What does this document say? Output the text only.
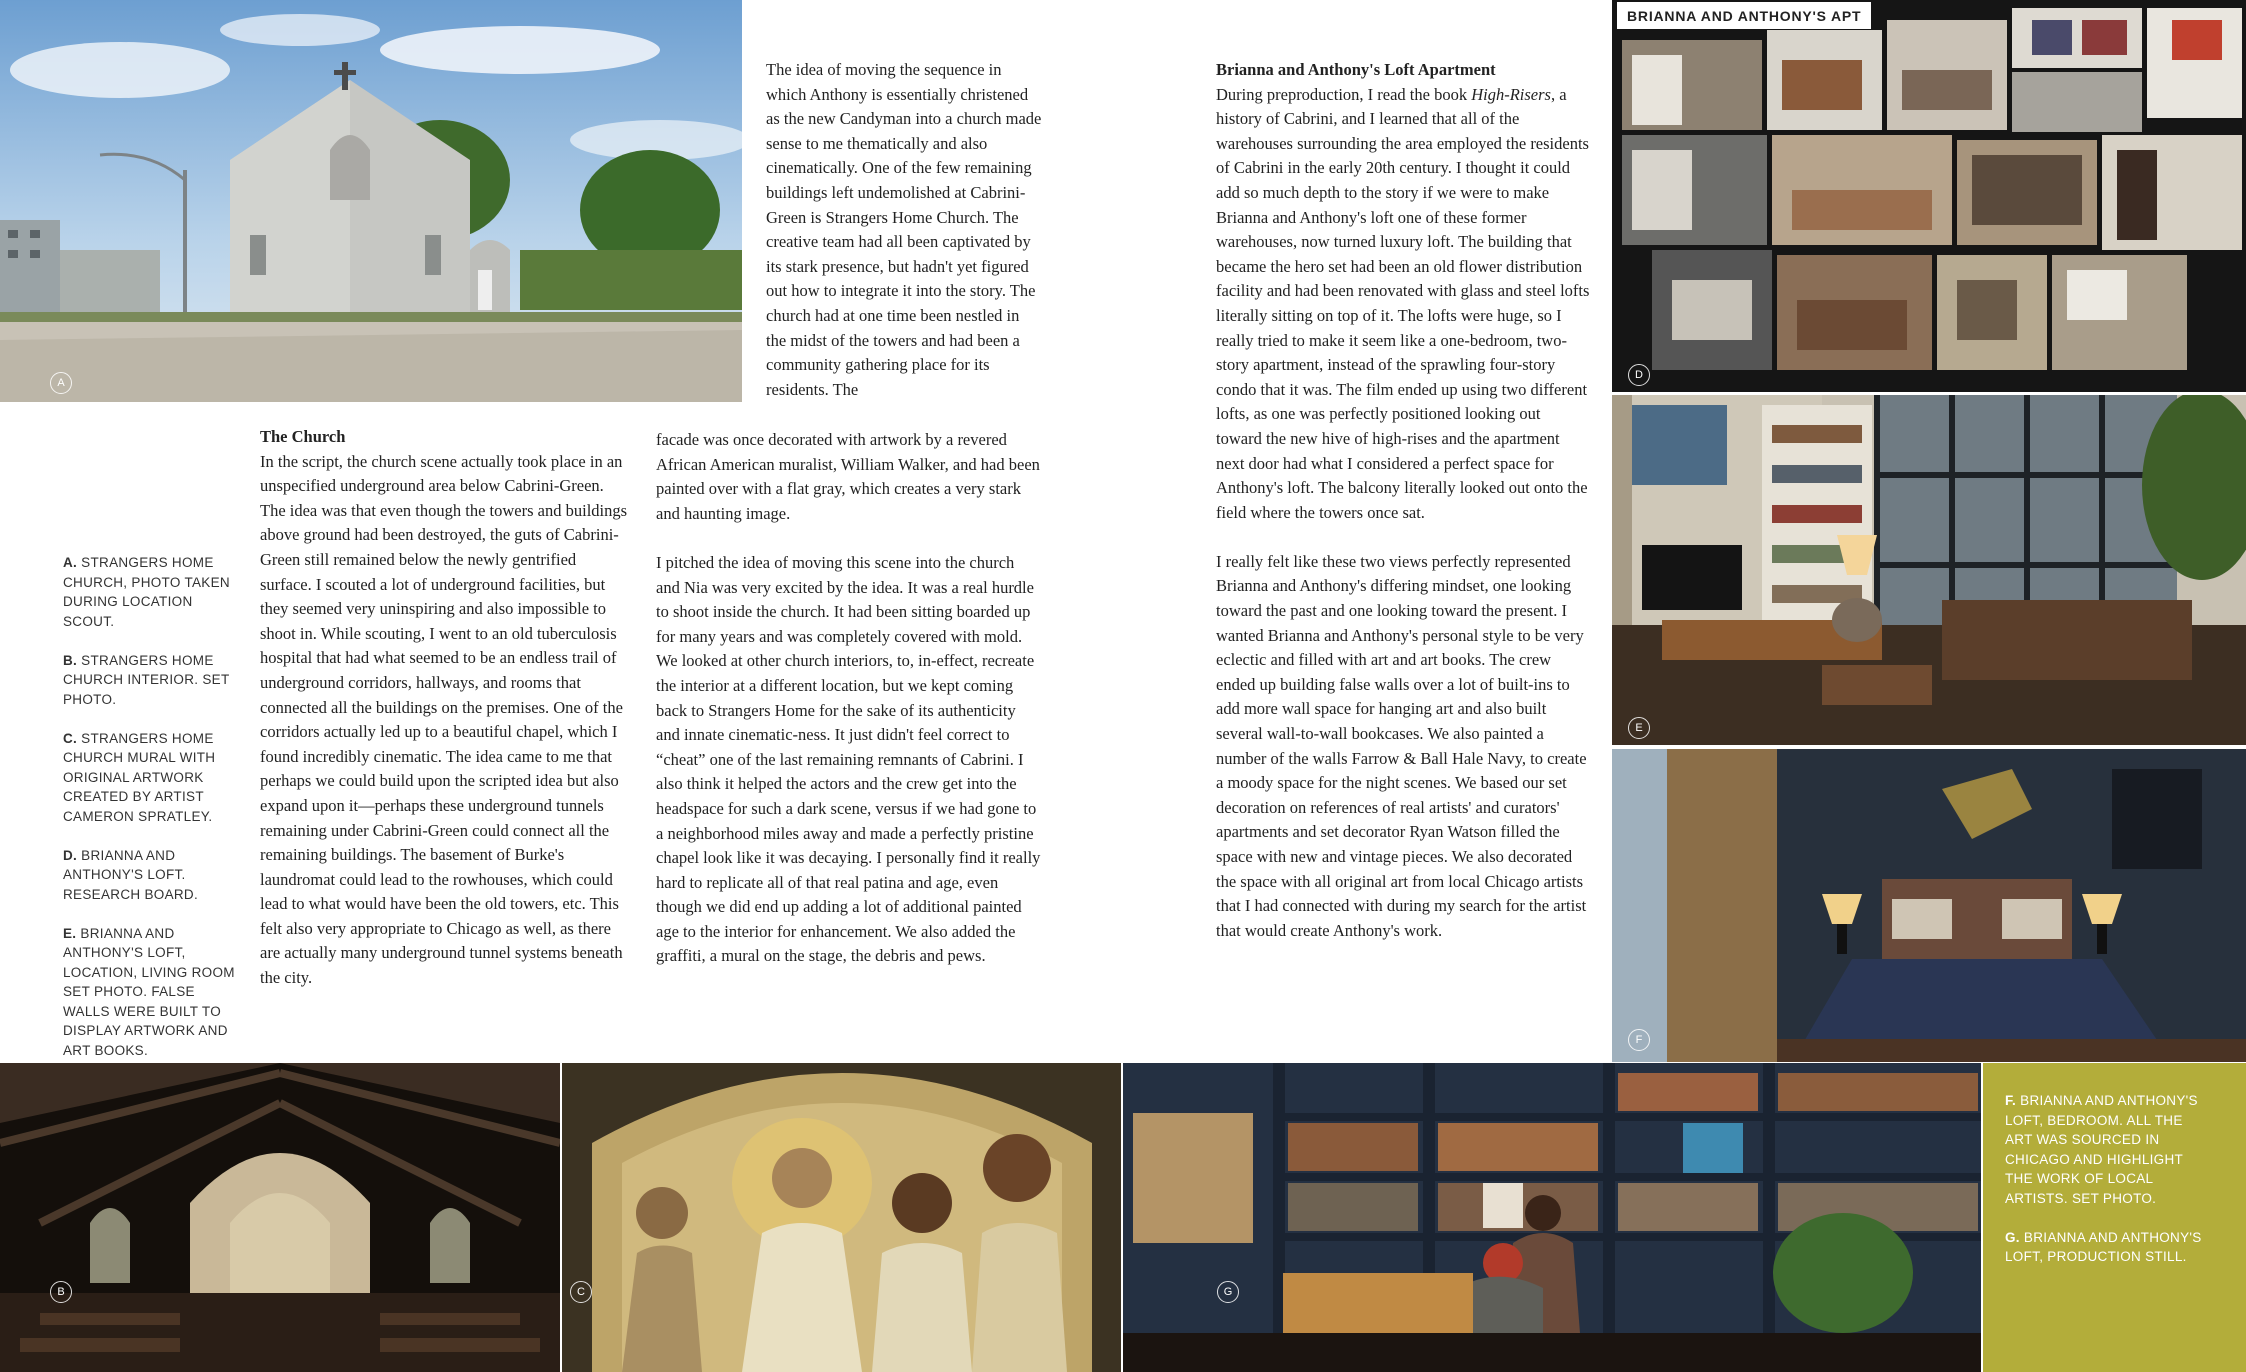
A
A. STRANGERS HOME CHURCH, PHOTO TAKEN DURING LOCATION SCOUT.
B. STRANGERS HOME CHURCH INTERIOR. SET PHOTO.
C. STRANGERS HOME CHURCH MURAL WITH ORIGINAL ARTWORK CREATED BY ARTIST CAMERON SPRATLEY.
D. BRIANNA AND ANTHONY'S LOFT. RESEARCH BOARD.
E. BRIANNA AND ANTHONY'S LOFT, LOCATION, LIVING ROOM SET PHOTO. FALSE WALLS WERE BUILT TO DISPLAY ARTWORK AND ART BOOKS.
The Church

In the script, the church scene actually took place in an unspecified underground area below Cabrini-Green. The idea was that even though the towers and buildings above ground had been destroyed, the guts of Cabrini-Green still remained below the newly gentrified surface. I scouted a lot of underground facilities, but they seemed very uninspiring and also impossible to shoot in. While scouting, I went to an old tuberculosis hospital that had what seemed to be an endless trail of underground corridors, hallways, and rooms that connected all the buildings on the premises. One of the corridors actually led up to a beautiful chapel, which I found incredibly cinematic. The idea came to me that perhaps we could build upon the scripted idea but also expand upon it—perhaps these underground tunnels remaining under Cabrini-Green could connect all the remaining buildings. The basement of Burke's laundromat could lead to the rowhouses, which could lead to what would have been the old towers, etc. This felt also very appropriate to Chicago as well, as there are actually many underground tunnel systems beneath the city.

The idea of moving the sequence in which Anthony is essentially christened as the new Candyman into a church made sense to me thematically and also cinematically. One of the few remaining buildings left undemolished at Cabrini-Green is Strangers Home Church. The creative team had all been captivated by its stark presence, but hadn't yet figured out how to integrate it into the story. The church had at one time been nestled in the midst of the towers and had been a community gathering place for its residents. The

facade was once decorated with artwork by a revered African American muralist, William Walker, and had been painted over with a flat gray, which creates a very stark and haunting image.

I pitched the idea of moving this scene into the church and Nia was very excited by the idea. It was a real hurdle to shoot inside the church. It had been sitting boarded up for many years and was completely covered with mold. We looked at other church interiors, to, in-effect, recreate the interior at a different location, but we kept coming back to Strangers Home for the sake of its authenticity and innate cinematic-ness. It just didn't feel correct to “cheat” one of the last remaining remnants of Cabrini. I also think it helped the actors and the crew get into the headspace for such a dark scene, versus if we had gone to a neighborhood miles away and made a perfectly pristine chapel look like it was decaying. I personally find it really hard to replicate all of that real patina and age, even though we did end up adding a lot of additional painted age to the interior for enhancement. We also added the graffiti, a mural on the stage, the debris and pews.

Brianna and Anthony's Loft Apartment

During preproduction, I read the book High-Risers, a history of Cabrini, and I learned that all of the warehouses surrounding the area employed the residents of Cabrini in the early 20th century. I thought it could add so much depth to the story if we were to make Brianna and Anthony's loft one of these former warehouses, now turned luxury loft. The building that became the hero set had been an old flower distribution facility and had been renovated with glass and steel lofts literally sitting on top of it. The lofts were huge, so I really tried to make it seem like a one-bedroom, two-story apartment, instead of the sprawling four-story condo that it was. The film ended up using two different lofts, as one was perfectly positioned looking out toward the new hive of high-rises and the apartment next door had what I considered a perfect space for Anthony's loft. The balcony literally looked out onto the field where the towers once sat.

I really felt like these two views perfectly represented Brianna and Anthony's differing mindset, one looking toward the past and one looking toward the present. I wanted Brianna and Anthony's personal style to be very eclectic and filled with art and art books. The crew ended up building false walls over a lot of built-ins to add more wall space for hanging art and also built several wall-to-wall bookcases. We also painted a number of the walls Farrow & Ball Hale Navy, to create a moody space for the night scenes. We based our set decoration on references of real artists' and curators' apartments and set decorator Ryan Watson filled the space with new and vintage pieces. We also decorated the space with all original art from local Chicago artists that I had connected with during my search for the artist that would create Anthony's work.

D
BRIANNA AND ANTHONY'S APT
E
F
B	C	G
F. BRIANNA AND ANTHONY'S LOFT, BEDROOM. ALL THE ART WAS SOURCED IN CHICAGO AND HIGHLIGHT THE WORK OF LOCAL ARTISTS. SET PHOTO.
G. BRIANNA AND ANTHONY'S LOFT, PRODUCTION STILL.
